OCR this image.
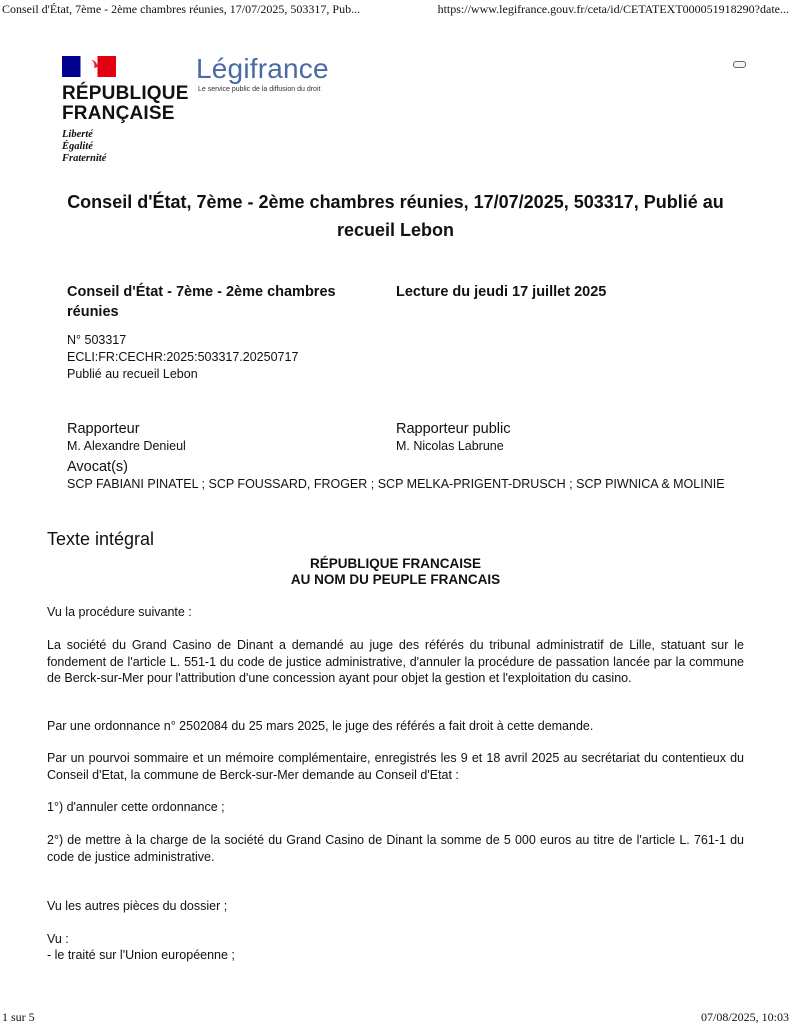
Conseil d'État, 7ème - 2ème chambres réunies, 17/07/2025, 503317, Pub...	https://www.legifrance.gouv.fr/ceta/id/CETATEXT000051918290?date...
RÉPUBLIQUE
FRANÇAISE
Liberté
Égalité
Fraternité
Légifrance
Le service public de la diffusion du droit
Conseil d'État, 7ème - 2ème chambres réunies, 17/07/2025, 503317, Publié au recueil Lebon
Conseil d'État - 7ème - 2ème chambres réunies
Lecture du jeudi 17 juillet 2025
N° 503317
ECLI:FR:CECHR:2025:503317.20250717
Publié au recueil Lebon
Rapporteur
M. Alexandre Denieul
Rapporteur public
M. Nicolas Labrune
Avocat(s)
SCP FABIANI PINATEL ; SCP FOUSSARD, FROGER ; SCP MELKA-PRIGENT-DRUSCH ; SCP PIWNICA & MOLINIE
Texte intégral
RÉPUBLIQUE FRANCAISE
AU NOM DU PEUPLE FRANCAIS
Vu la procédure suivante :
La société du Grand Casino de Dinant a demandé au juge des référés du tribunal administratif de Lille, statuant sur le fondement de l'article L. 551-1 du code de justice administrative, d'annuler la procédure de passation lancée par la commune de Berck-sur-Mer pour l'attribution d'une concession ayant pour objet la gestion et l'exploitation du casino.
Par une ordonnance n° 2502084 du 25 mars 2025, le juge des référés a fait droit à cette demande.
Par un pourvoi sommaire et un mémoire complémentaire, enregistrés les 9 et 18 avril 2025 au secrétariat du contentieux du Conseil d'Etat, la commune de Berck-sur-Mer demande au Conseil d'Etat :
1°) d'annuler cette ordonnance ;
2°) de mettre à la charge de la société du Grand Casino de Dinant la somme de 5 000 euros au titre de l'article L. 761-1 du code de justice administrative.
Vu les autres pièces du dossier ;
Vu :
- le traité sur l'Union européenne ;
1 sur 5	07/08/2025, 10:03
